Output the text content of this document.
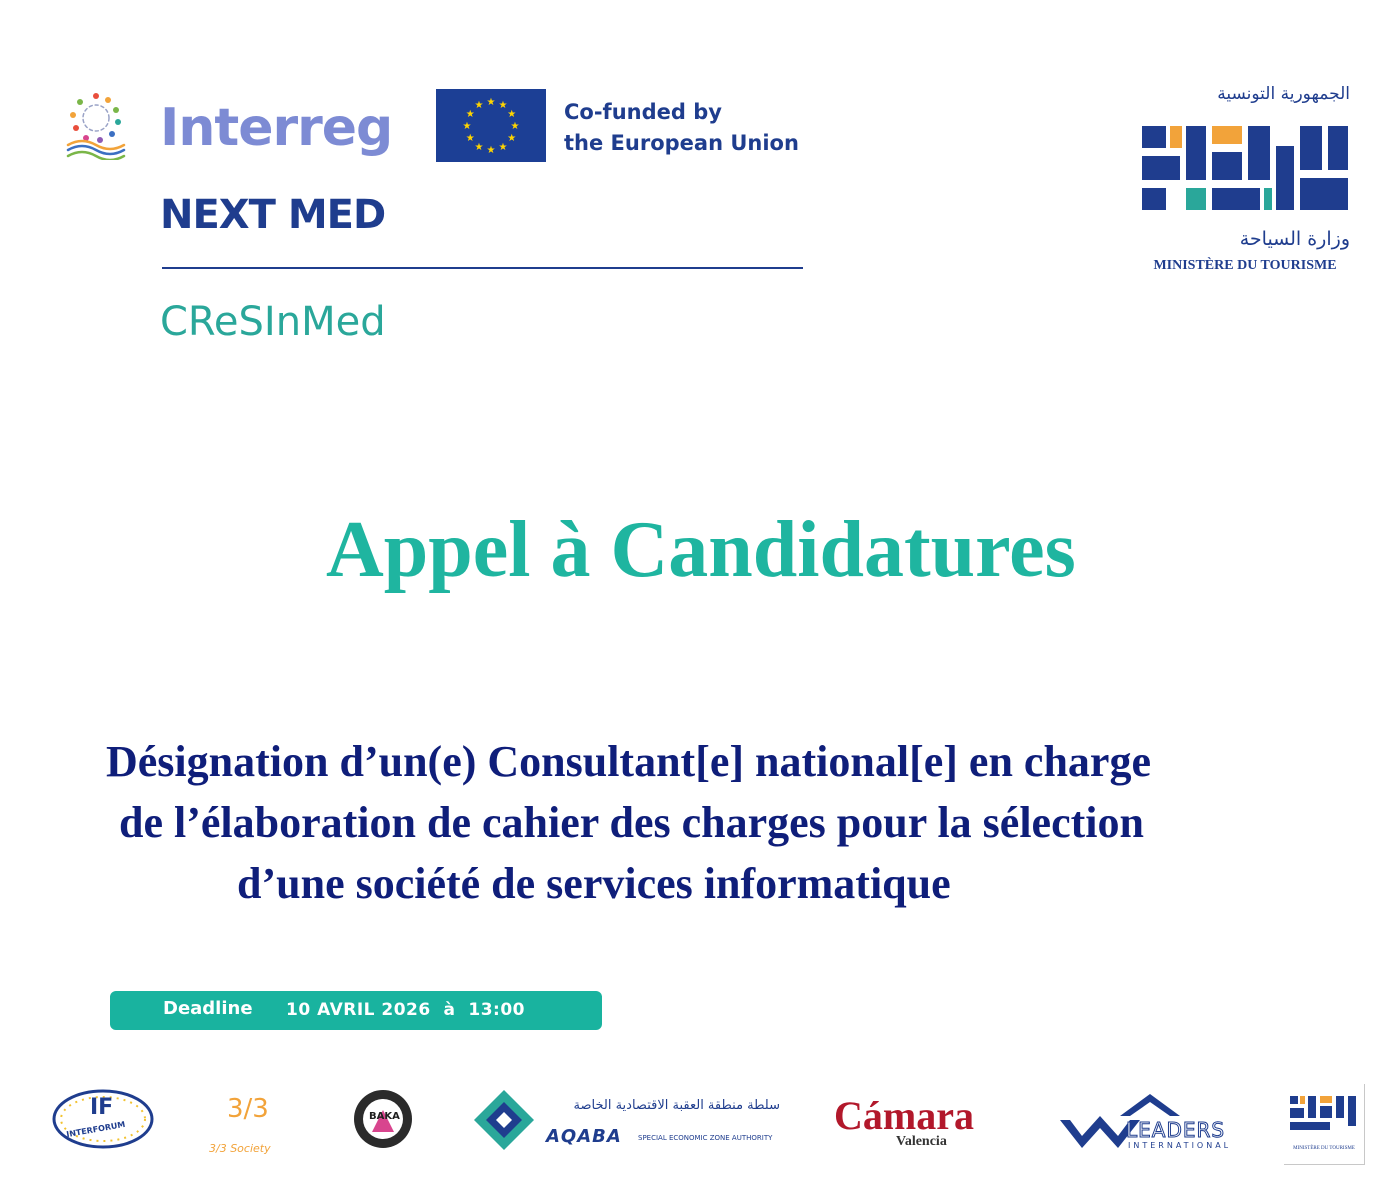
Interreg	★ ★
★
★
★
★
★
★
★
★
★
★	Co-funded by
the European Union
NEXT MED
CReSInMed
الجمهورية التونسية
وزارة السياحة
MINISTÈRE DU TOURISME
Appel à Candidatures
Désignation d’un(e) Consultant[e] national[e] en charge
de l’élaboration de cahier des charges pour la sélection
d’une société de services informatique
Deadline 10 AVRIL 2026  à  13:00
IF
INTERFORUM
3/3
3/3 Society
BAKA
سلطة منطقة العقبة الاقتصادية الخاصة
AQABA SPECIAL ECONOMIC ZONE AUTHORITY Cámara
Valencia	LEADERS
INTERNATIONAL	MINISTÈRE DU TOURISME
